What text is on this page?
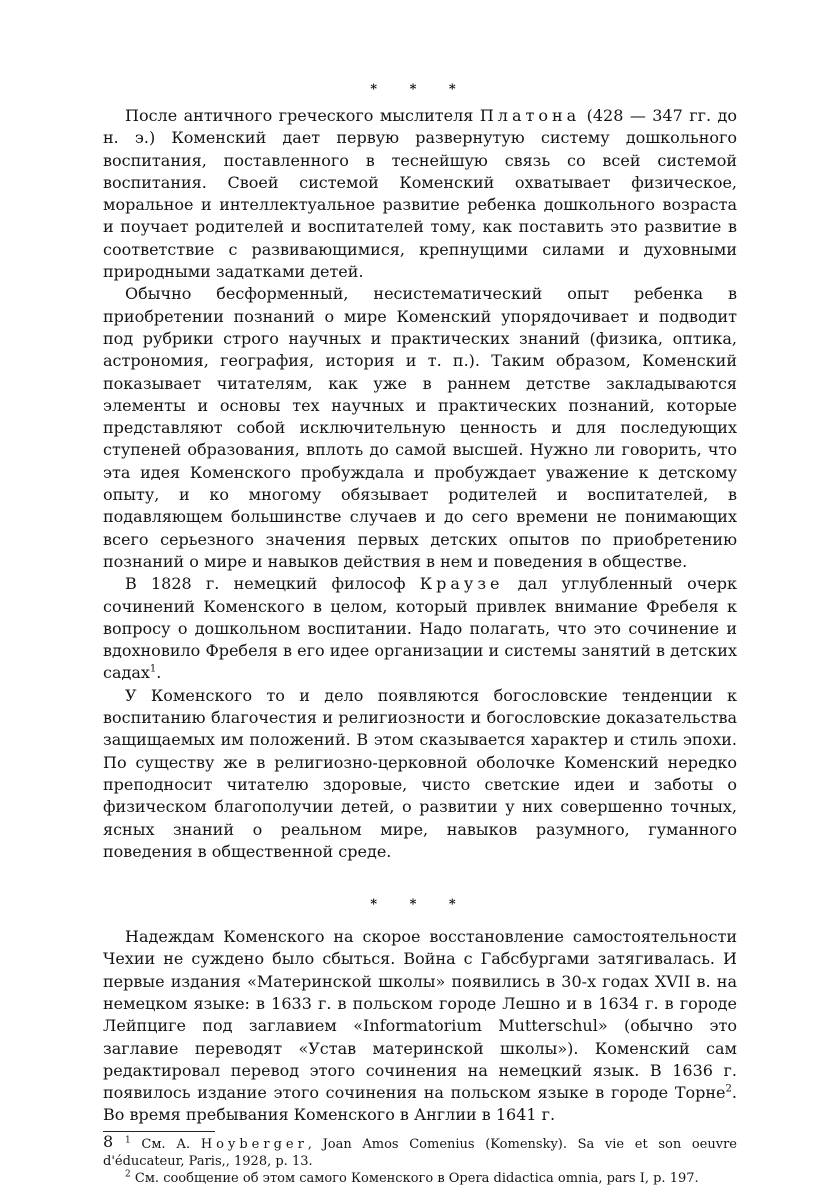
* * *

После античного греческого мыслителя Платона (428 — 347 гг. до н. э.) Коменский дает первую развернутую систему дошкольного воспитания, поставленного в теснейшую связь со всей системой воспитания. Своей системой Коменский охватывает физическое, моральное и интеллектуальное развитие ребенка дошкольного возраста и поучает родителей и воспитателей тому, как поставить это развитие в соответствие с развивающимися, крепнущими силами и духовными природными задатками детей.

Обычно бесформенный, несистематический опыт ребенка в приобретении познаний о мире Коменский упорядочивает и подводит под рубрики строго научных и практических знаний (физика, оптика, астрономия, география, история и т. п.). Таким образом, Коменский показывает читателям, как уже в раннем детстве закладываются элементы и основы тех научных и практических познаний, которые представляют собой исключительную ценность и для последующих ступеней образования, вплоть до самой высшей. Нужно ли говорить, что эта идея Коменского пробуждала и пробуждает уважение к детскому опыту, и ко многому обязывает родителей и воспитателей, в подавляющем большинстве случаев и до сего времени не понимающих всего серьезного значения первых детских опытов по приобретению познаний о мире и навыков действия в нем и поведения в обществе.

В 1828 г. немецкий философ Краузе дал углубленный очерк сочинений Коменского в целом, который привлек внимание Фребеля к вопросу о дошкольном воспитании. Надо полагать, что это сочинение и вдохновило Фребеля в его идее организации и системы занятий в детских садах$^1$.

У Коменского то и дело появляются богословские тенденции к воспитанию благочестия и религиозности и богословские доказательства защищаемых им положений. В этом сказывается характер и стиль эпохи. По существу же в религиозно-церковной оболочке Коменский нередко преподносит читателю здоровые, чисто светские идеи и заботы о физическом благополучии детей, о развитии у них совершенно точных, ясных знаний о реальном мире, навыков разумного, гуманного поведения в общественной среде.

* * *

Надеждам Коменского на скорое восстановление самостоятельности Чехии не суждено было сбыться. Война с Габсбургами затягивалась. И первые издания «Материнской школы» появились в 30-х годах XVII в. на немецком языке: в 1633 г. в польском городе Лешно и в 1634 г. в городе Лейпциге под заглавием «Informatorium Mutterschul» (обычно это заглавие переводят «Устав материнской школы»). Коменский сам редактировал перевод этого сочинения на немецкий язык. В 1636 г. появилось издание этого сочинения на польском языке в городе Торне$^2$. Во время пребывания Коменского в Англии в 1641 г.

$^1$ См. А. Hoyberger, Joan Amos Comenius (Komensky). Sa vie et son oeuvre d'éducateur, Paris,, 1928, p. 13.

$^2$ См. сообщение об этом самого Коменского в Opera didactica omnia, pars I, p. 197.

8
